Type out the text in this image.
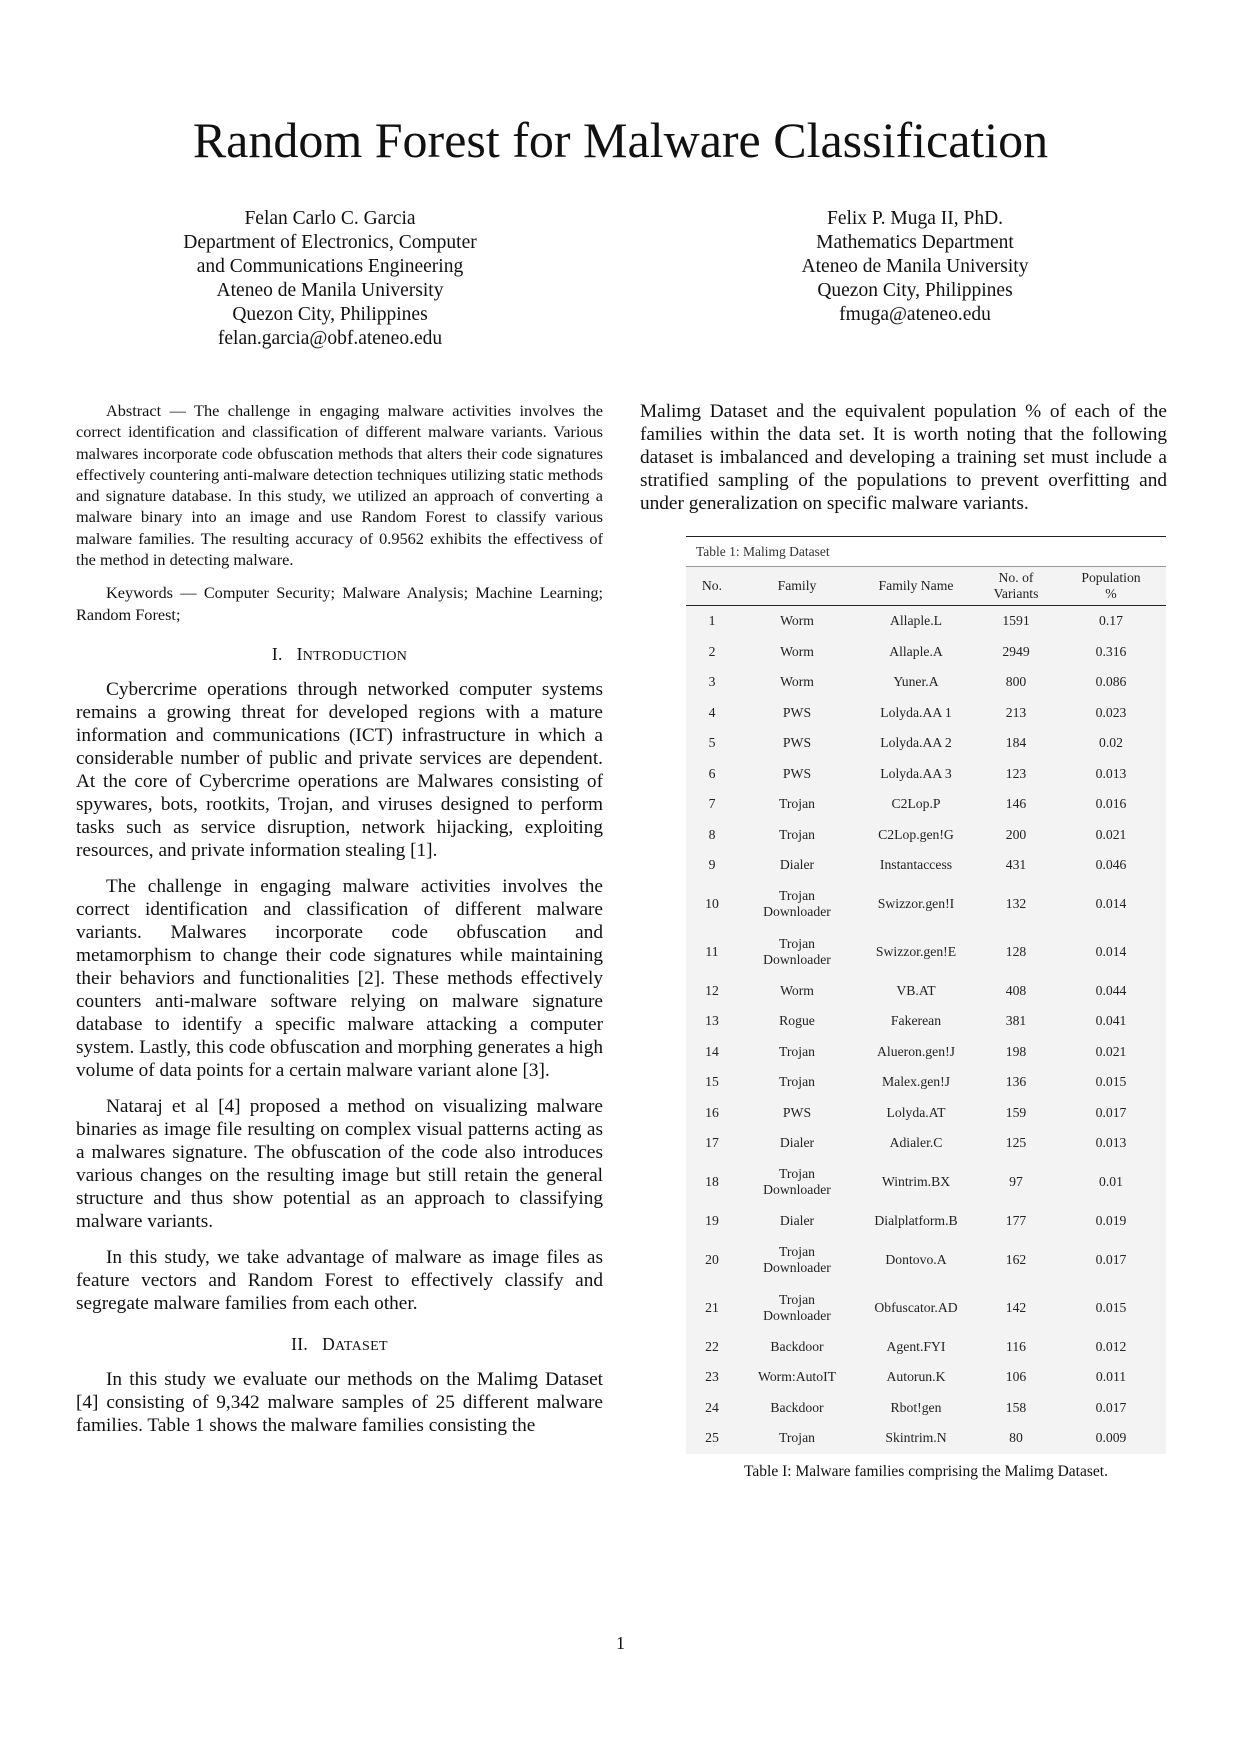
Random Forest for Malware Classification
Felan Carlo C. Garcia
Department of Electronics, Computer
and Communications Engineering
Ateneo de Manila University
Quezon City, Philippines
felan.garcia@obf.ateneo.edu
Felix P. Muga II, PhD.
Mathematics Department
Ateneo de Manila University
Quezon City, Philippines
fmuga@ateneo.edu

Abstract — The challenge in engaging malware activities involves the correct identification and classification of different malware variants. Various malwares incorporate code obfuscation methods that alters their code signatures effectively countering anti-malware detection techniques utilizing static methods and signature database. In this study, we utilized an approach of converting a malware binary into an image and use Random Forest to classify various malware families. The resulting accuracy of 0.9562 exhibits the effectivess of the method in detecting malware.

Keywords — Computer Security; Malware Analysis; Machine Learning; Random Forest;

I. INTRODUCTION

Cybercrime operations through networked computer systems remains a growing threat for developed regions with a mature information and communications (ICT) infrastructure in which a considerable number of public and private services are dependent. At the core of Cybercrime operations are Malwares consisting of spywares, bots, rootkits, Trojan, and viruses designed to perform tasks such as service disruption, network hijacking, exploiting resources, and private information stealing [1].

The challenge in engaging malware activities involves the correct identification and classification of different malware variants. Malwares incorporate code obfuscation and metamorphism to change their code signatures while maintaining their behaviors and functionalities [2]. These methods effectively counters anti-malware software relying on malware signature database to identify a specific malware attacking a computer system. Lastly, this code obfuscation and morphing generates a high volume of data points for a certain malware variant alone [3].

Nataraj et al [4] proposed a method on visualizing malware binaries as image file resulting on complex visual patterns acting as a malwares signature. The obfuscation of the code also introduces various changes on the resulting image but still retain the general structure and thus show potential as an approach to classifying malware variants.

In this study, we take advantage of malware as image files as feature vectors and Random Forest to effectively classify and segregate malware families from each other.

II. DATASET

In this study we evaluate our methods on the Malimg Dataset [4] consisting of 9,342 malware samples of 25 different malware families. Table 1 shows the malware families consisting the

Malimg Dataset and the equivalent population % of each of the families within the data set. It is worth noting that the following dataset is imbalanced and developing a training set must include a stratified sampling of the populations to prevent overfitting and under generalization on specific malware variants.

Table 1: Malimg Dataset
No.	Family	Family Name	No. of
Variants	Population
%
1	Worm	Allaple.L	1591	0.17
2	Worm	Allaple.A	2949	0.316
3	Worm	Yuner.A	800	0.086
4	PWS	Lolyda.AA 1	213	0.023
5	PWS	Lolyda.AA 2	184	0.02
6	PWS	Lolyda.AA 3	123	0.013
7	Trojan	C2Lop.P	146	0.016
8	Trojan	C2Lop.gen!G	200	0.021
9	Dialer	Instantaccess	431	0.046
10	Trojan
Downloader	Swizzor.gen!I	132	0.014
11	Trojan
Downloader	Swizzor.gen!E	128	0.014
12	Worm	VB.AT	408	0.044
13	Rogue	Fakerean	381	0.041
14	Trojan	Alueron.gen!J	198	0.021
15	Trojan	Malex.gen!J	136	0.015
16	PWS	Lolyda.AT	159	0.017
17	Dialer	Adialer.C	125	0.013
18	Trojan
Downloader	Wintrim.BX	97	0.01
19	Dialer	Dialplatform.B	177	0.019
20	Trojan
Downloader	Dontovo.A	162	0.017
21	Trojan
Downloader	Obfuscator.AD	142	0.015
22	Backdoor	Agent.FYI	116	0.012
23	Worm:AutoIT	Autorun.K	106	0.011
24	Backdoor	Rbot!gen	158	0.017
25	Trojan	Skintrim.N	80	0.009
Table I: Malware families comprising the Malimg Dataset.
1
